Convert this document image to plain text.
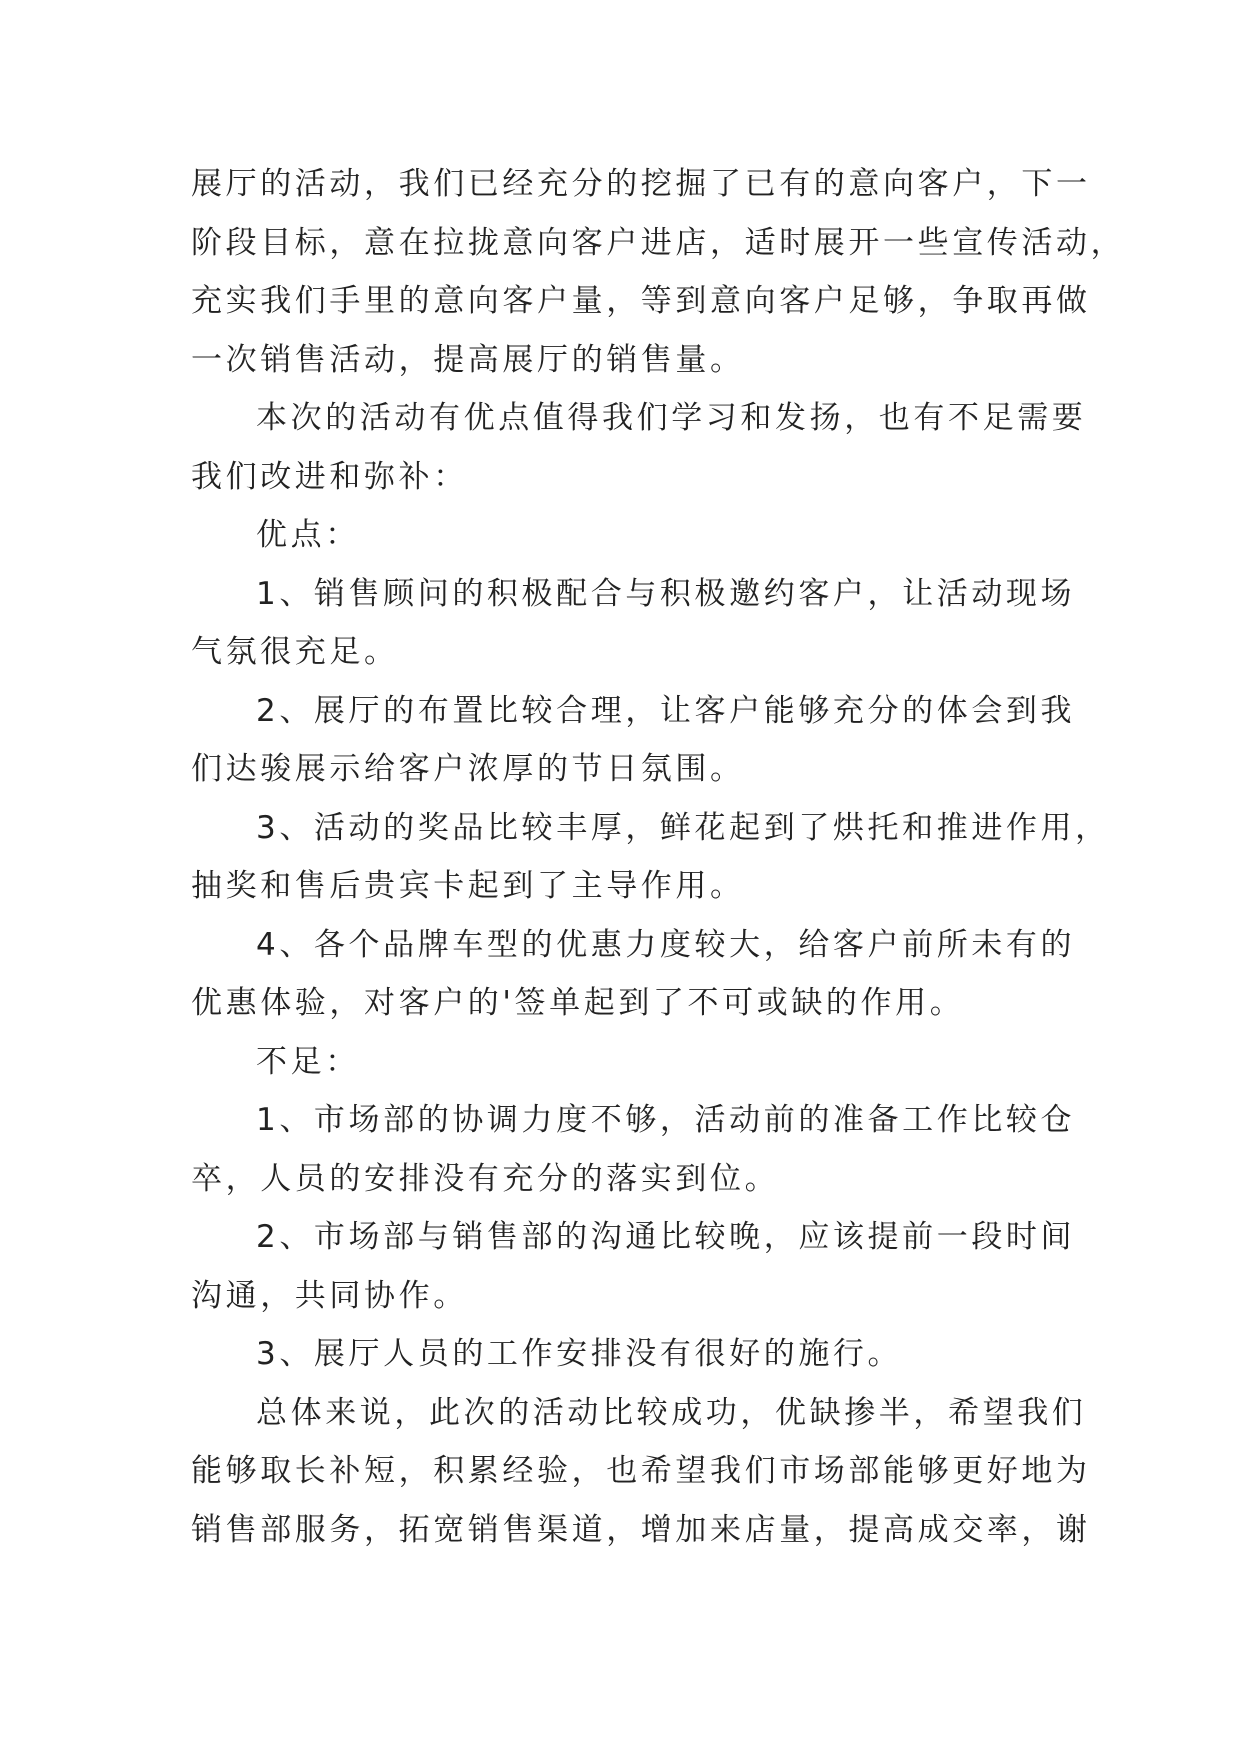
展厅的活动，我们已经充分的挖掘了已有的意向客户，下一
阶段目标，意在拉拢意向客户进店，适时展开一些宣传活动，
充实我们手里的意向客户量，等到意向客户足够，争取再做
一次销售活动，提高展厅的销售量。
本次的活动有优点值得我们学习和发扬，也有不足需要
我们改进和弥补：
优点：
1、销售顾问的积极配合与积极邀约客户，让活动现场
气氛很充足。
2、展厅的布置比较合理，让客户能够充分的体会到我
们达骏展示给客户浓厚的节日氛围。
3、活动的奖品比较丰厚，鲜花起到了烘托和推进作用，
抽奖和售后贵宾卡起到了主导作用。
4、各个品牌车型的优惠力度较大，给客户前所未有的
优惠体验，对客户的'签单起到了不可或缺的作用。
不足：
1、市场部的协调力度不够，活动前的准备工作比较仓
卒，人员的安排没有充分的落实到位。
2、市场部与销售部的沟通比较晚，应该提前一段时间
沟通，共同协作。
3、展厅人员的工作安排没有很好的施行。
总体来说，此次的活动比较成功，优缺掺半，希望我们
能够取长补短，积累经验，也希望我们市场部能够更好地为
销售部服务，拓宽销售渠道，增加来店量，提高成交率，谢
